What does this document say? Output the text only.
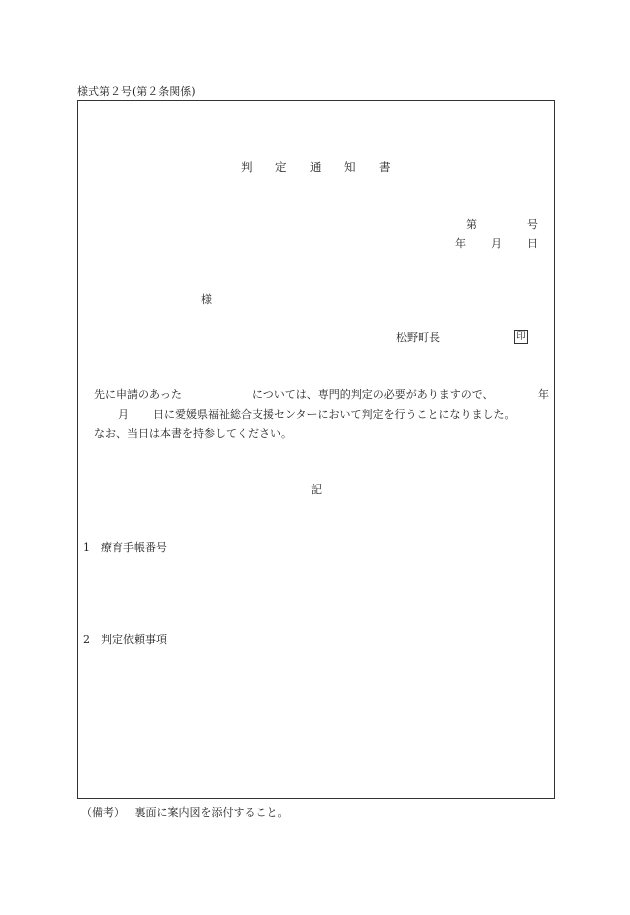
様式第２号(第２条関係)
判 定 通 知 書
第	号
年 月 日
様
松野町長	印
先に申請のあった	については、専門的判定の必要がありますので、	年
月 日に愛媛県福祉総合支援センターにおいて判定を行うことになりました。
なお、当日は本書を持参してください。
記
1 療育手帳番号
2 判定依頼事項
（備考） 裏面に案内図を添付すること。
